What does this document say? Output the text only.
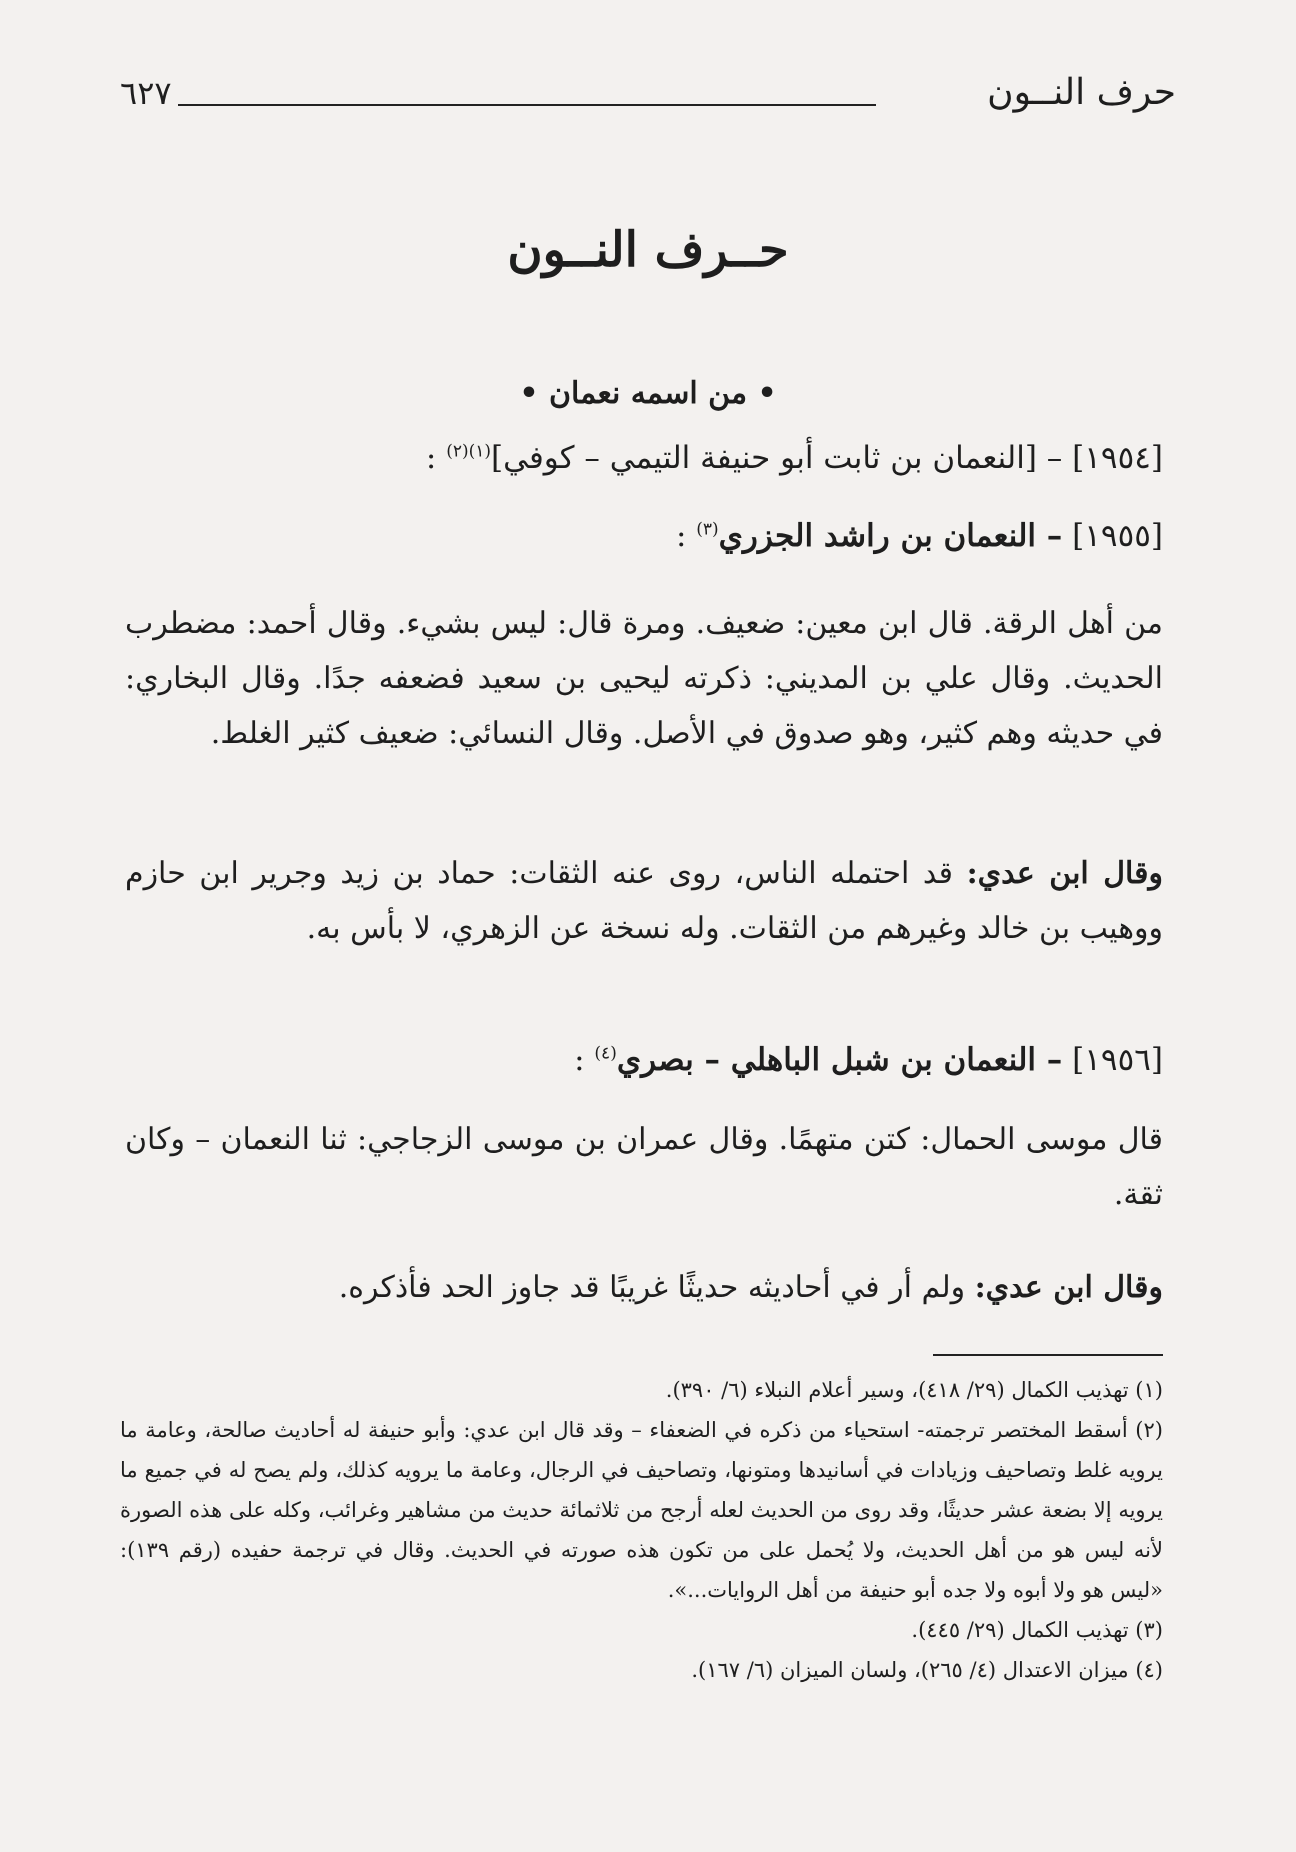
حرف النــون
٦٢٧
حــرف النــون
• من اسمه نعمان •
[١٩٥٤] – [النعمان بن ثابت أبو حنيفة التيمي – كوفي]$^{(١)(٢)}$ :
[١٩٥٥] – النعمان بن راشد الجزري$^{(٣)}$ :
من أهل الرقة. قال ابن معين: ضعيف. ومرة قال: ليس بشيء. وقال أحمد: مضطرب الحديث. وقال علي بن المديني: ذكرته ليحيى بن سعيد فضعفه جدًا. وقال البخاري: في حديثه وهم كثير، وهو صدوق في الأصل. وقال النسائي: ضعيف كثير الغلط.
وقال ابن عدي: قد احتمله الناس، روى عنه الثقات: حماد بن زيد وجرير ابن حازم ووهيب بن خالد وغيرهم من الثقات. وله نسخة عن الزهري، لا بأس به.
[١٩٥٦] – النعمان بن شبل الباهلي – بصري$^{(٤)}$ :
قال موسى الحمال: كتن متهمًا. وقال عمران بن موسى الزجاجي: ثنا النعمان – وكان ثقة.
وقال ابن عدي: ولم أر في أحاديثه حديثًا غريبًا قد جاوز الحد فأذكره.

(١) تهذيب الكمال (٢٩/ ٤١٨)، وسير أعلام النبلاء (٦/ ٣٩٠).

(٢) أسقط المختصر ترجمته- استحياء من ذكره في الضعفاء – وقد قال ابن عدي: وأبو حنيفة له أحاديث صالحة، وعامة ما يرويه غلط وتصاحيف وزيادات في أسانيدها ومتونها، وتصاحيف في الرجال، وعامة ما يرويه كذلك، ولم يصح له في جميع ما يرويه إلا بضعة عشر حديثًا، وقد روى من الحديث لعله أرجح من ثلاثمائة حديث من مشاهير وغرائب، وكله على هذه الصورة لأنه ليس هو من أهل الحديث، ولا يُحمل على من تكون هذه صورته في الحديث. وقال في ترجمة حفيده (رقم ١٣٩): «ليس هو ولا أبوه ولا جده أبو حنيفة من أهل الروايات...».

(٣) تهذيب الكمال (٢٩/ ٤٤٥).

(٤) ميزان الاعتدال (٤/ ٢٦٥)، ولسان الميزان (٦/ ١٦٧).
